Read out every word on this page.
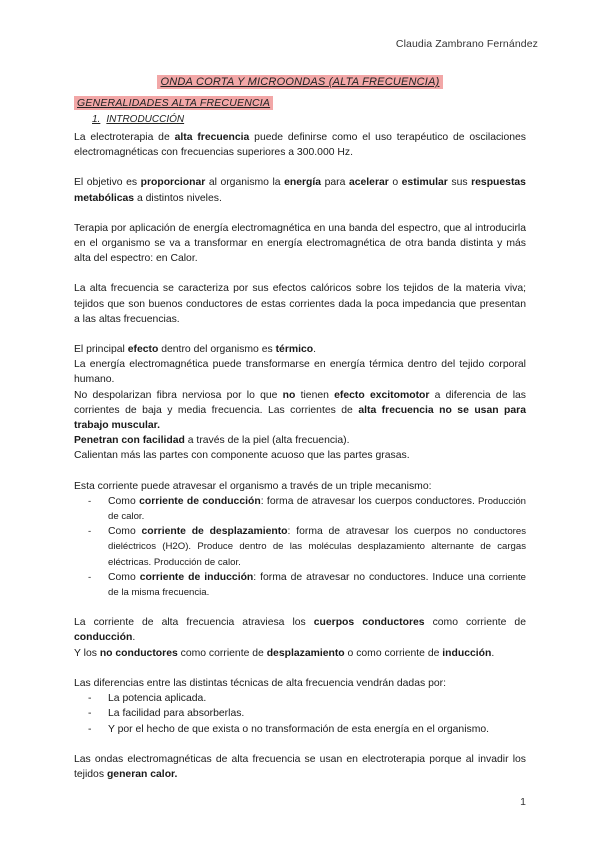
Claudia Zambrano Fernández
ONDA CORTA Y MICROONDAS (ALTA FRECUENCIA)
GENERALIDADES ALTA FRECUENCIA
1. INTRODUCCIÓN

La electroterapia de alta frecuencia puede definirse como el uso terapéutico de oscilaciones electromagnéticas con frecuencias superiores a 300.000 Hz.

El objetivo es proporcionar al organismo la energía para acelerar o estimular sus respuestas metabólicas a distintos niveles.

Terapia por aplicación de energía electromagnética en una banda del espectro, que al introducirla en el organismo se va a transformar en energía electromagnética de otra banda distinta y más alta del espectro: en Calor.

La alta frecuencia se caracteriza por sus efectos calóricos sobre los tejidos de la materia viva; tejidos que son buenos conductores de estas corrientes dada la poca impedancia que presentan a las altas frecuencias.

El principal efecto dentro del organismo es térmico.

La energía electromagnética puede transformarse en energía térmica dentro del tejido corporal humano.

No despolarizan fibra nerviosa por lo que no tienen efecto excitomotor a diferencia de las corrientes de baja y media frecuencia. Las corrientes de alta frecuencia no se usan para trabajo muscular.

Penetran con facilidad a través de la piel (alta frecuencia).

Calientan más las partes con componente acuoso que las partes grasas.

Esta corriente puede atravesar el organismo a través de un triple mecanismo:

- Como corriente de conducción: forma de atravesar los cuerpos conductores. Producción de calor.
- Como corriente de desplazamiento: forma de atravesar los cuerpos no conductores dieléctricos (H2O). Produce dentro de las moléculas desplazamiento alternante de cargas eléctricas. Producción de calor.
- Como corriente de inducción: forma de atravesar no conductores. Induce una corriente de la misma frecuencia.

La corriente de alta frecuencia atraviesa los cuerpos conductores como corriente de conducción.

Y los no conductores como corriente de desplazamiento o como corriente de inducción.

Las diferencias entre las distintas técnicas de alta frecuencia vendrán dadas por:

- La potencia aplicada.
- La facilidad para absorberlas.
- Y por el hecho de que exista o no transformación de esta energía en el organismo.

Las ondas electromagnéticas de alta frecuencia se usan en electroterapia porque al invadir los tejidos generan calor.

1
